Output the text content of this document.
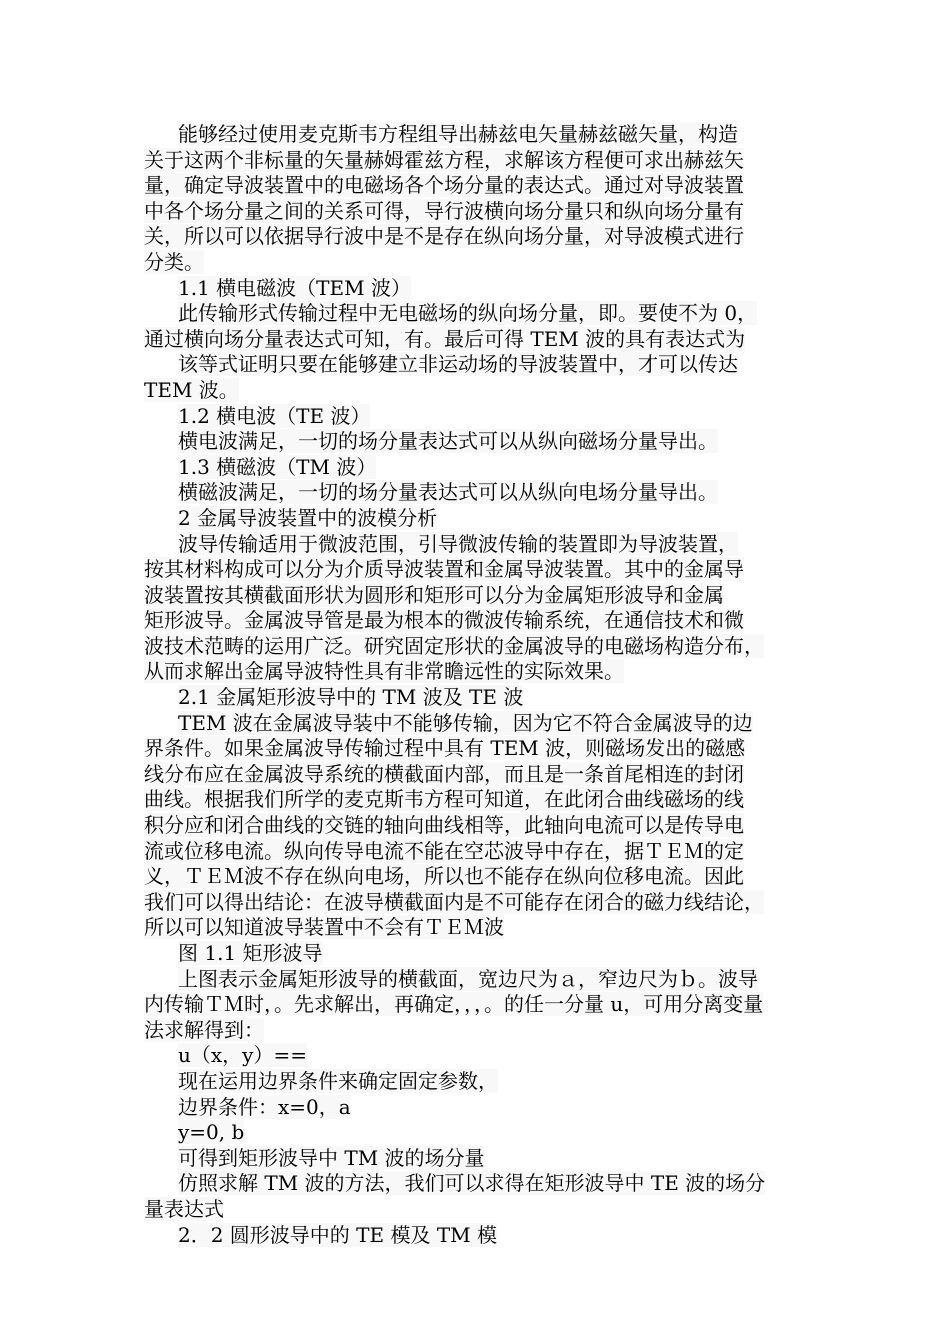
能够经过使用麦克斯韦方程组导出赫兹电矢量赫兹磁矢量，构造
关于这两个非标量的矢量赫姆霍兹方程，求解该方程便可求出赫兹矢
量，确定导波装置中的电磁场各个场分量的表达式。通过对导波装置
中各个场分量之间的关系可得，导行波横向场分量只和纵向场分量有
关，所以可以依据导行波中是不是存在纵向场分量，对导波模式进行
分类。
1.1 横电磁波（TEM 波）
此传输形式传输过程中无电磁场的纵向场分量，即。要使不为 0，
通过横向场分量表达式可知，有。最后可得 TEM 波的具有表达式为
该等式证明只要在能够建立非运动场的导波装置中，才可以传达
TEM 波。
1.2 横电波（TE 波）
横电波满足，一切的场分量表达式可以从纵向磁场分量导出。
1.3 横磁波（TM 波）
横磁波满足，一切的场分量表达式可以从纵向电场分量导出。
2 金属导波装置中的波模分析
波导传输适用于微波范围，引导微波传输的装置即为导波装置，
按其材料构成可以分为介质导波装置和金属导波装置。其中的金属导
波装置按其横截面形状为圆形和矩形可以分为金属矩形波导和金属
矩形波导。金属波导管是最为根本的微波传输系统，在通信技术和微
波技术范畴的运用广泛。研究固定形状的金属波导的电磁场构造分布，
从而求解出金属导波特性具有非常瞻远性的实际效果。
2.1 金属矩形波导中的 TM 波及 TE 波
TEM 波在金属波导装中不能够传输，因为它不符合金属波导的边
界条件。如果金属波导传输过程中具有 TEM 波，则磁场发出的磁感
线分布应在金属波导系统的横截面内部，而且是一条首尾相连的封闭
曲线。根据我们所学的麦克斯韦方程可知道，在此闭合曲线磁场的线
积分应和闭合曲线的交链的轴向曲线相等，此轴向电流可以是传导电
流或位移电流。纵向传导电流不能在空芯波导中存在，据ＴＥＭ的定
义，ＴＥＭ波不存在纵向电场，所以也不能存在纵向位移电流。因此
我们可以得出结论：在波导横截面内是不可能存在闭合的磁力线结论，
所以可以知道波导装置中不会有ＴＥＭ波
图 1.1 矩形波导
上图表示金属矩形波导的横截面，宽边尺为ａ，窄边尺为ｂ。波导
内传输ＴＭ时，。先求解出，再确定，，，。的任一分量 u，可用分离变量
法求解得到：
u（x，y）==
现在运用边界条件来确定固定参数，
边界条件：x=0，a
y=0, b
可得到矩形波导中 TM 波的场分量
仿照求解 TM 波的方法，我们可以求得在矩形波导中 TE 波的场分
量表达式
2．2 圆形波导中的 TE 模及 TM 模
